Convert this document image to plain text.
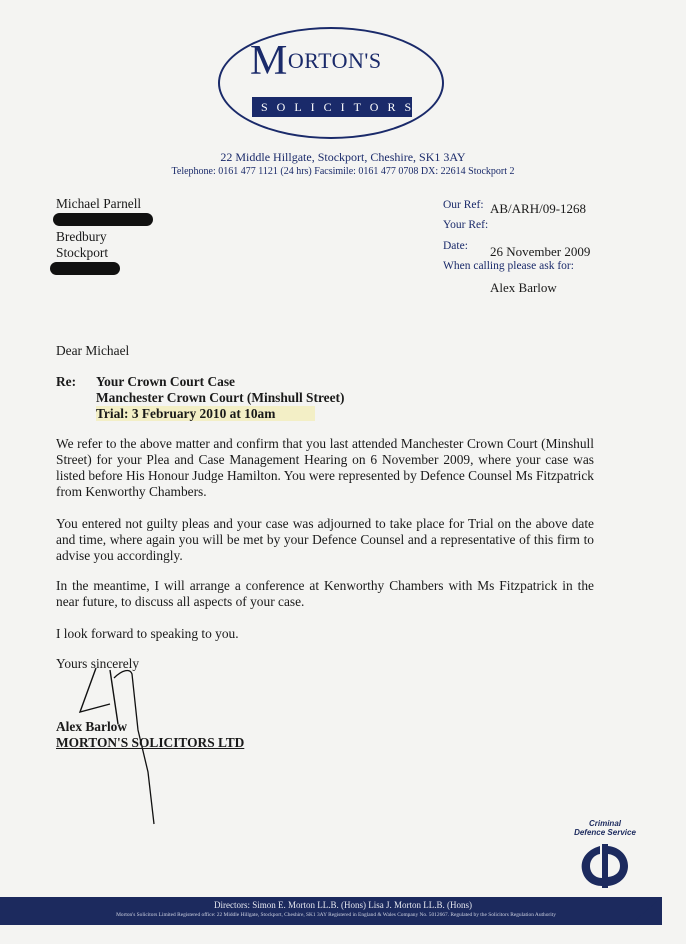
MORTON'S
SOLICITORS
22 Middle Hillgate, Stockport, Cheshire, SK1 3AY
Telephone: 0161 477 1121 (24 hrs) Facsimile: 0161 477 0708 DX: 22614 Stockport 2
Michael Parnell
Bredbury
Stockport
Our Ref: AB/ARH/09-1268
Your Ref:
Date: 26 November 2009
When calling please ask for:
Alex Barlow
Dear Michael
Re: Your Crown Court Case
Manchester Crown Court (Minshull Street)
Trial: 3 February 2010 at 10am
We refer to the above matter and confirm that you last attended Manchester Crown Court (Minshull Street) for your Plea and Case Management Hearing on 6 November 2009, where your case was listed before His Honour Judge Hamilton. You were represented by Defence Counsel Ms Fitzpatrick from Kenworthy Chambers.
You entered not guilty pleas and your case was adjourned to take place for Trial on the above date and time, where again you will be met by your Defence Counsel and a representative of this firm to advise you accordingly.
In the meantime, I will arrange a conference at Kenworthy Chambers with Ms Fitzpatrick in the near future, to discuss all aspects of your case.
I look forward to speaking to you.
Yours sincerely
Alex Barlow
MORTON'S SOLICITORS LTD
Criminal
Defence Service
Directors: Simon E. Morton LL.B. (Hons) Lisa J. Morton LL.B. (Hons)
Morton's Solicitors Limited Registered office: 22 Middle Hillgate, Stockport, Cheshire, SK1 3AY Registered in England & Wales Company No. 5012667. Regulated by the Solicitors Regulation Authority
